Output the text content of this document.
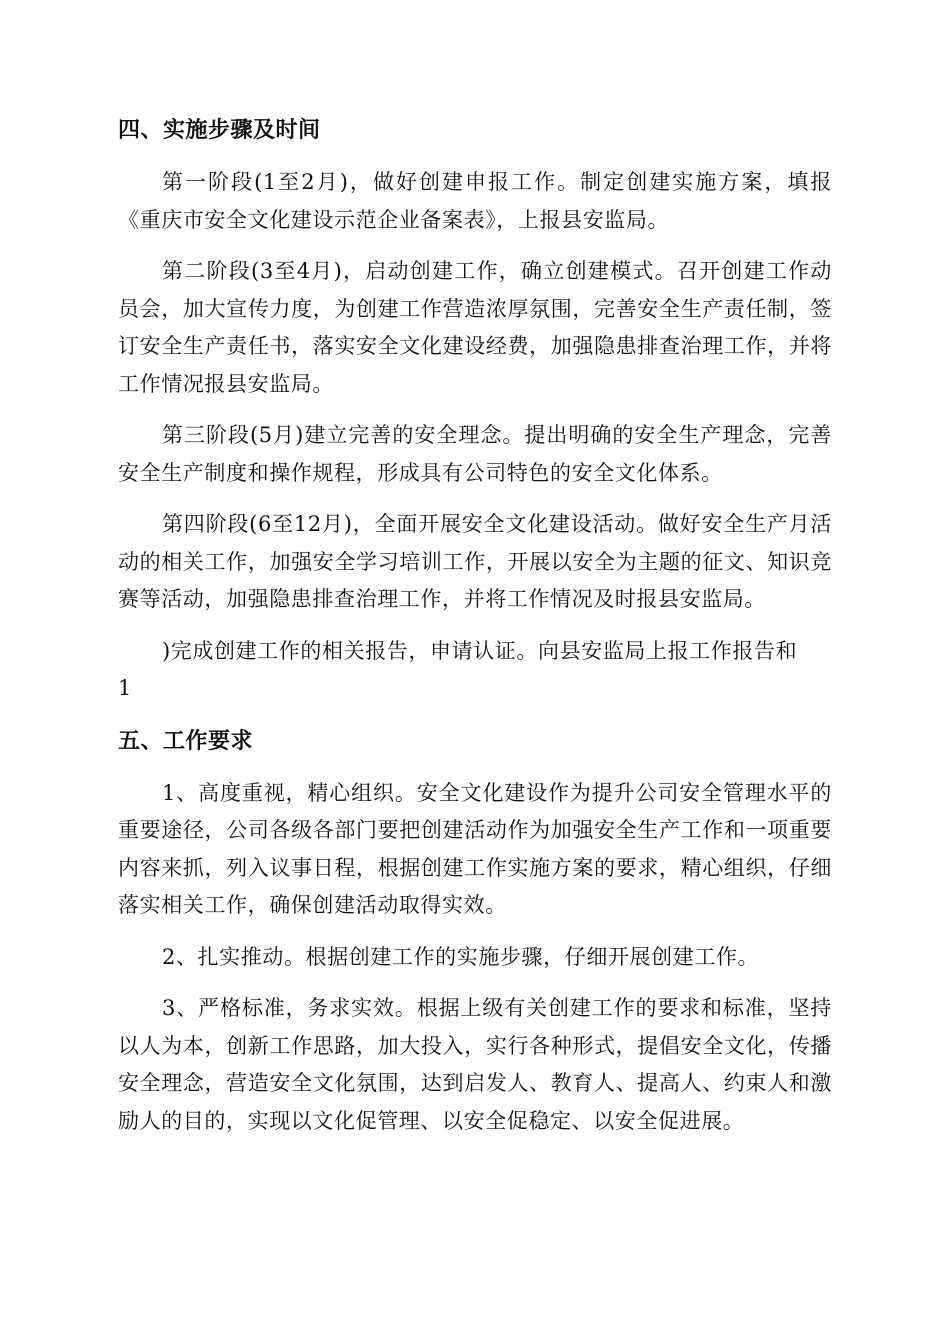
四、实施步骤及时间

第一阶段(1至2月)，做好创建申报工作。制定创建实施方案，填报《重庆市安全文化建设示范企业备案表》，上报县安监局。

第二阶段(3至4月)，启动创建工作，确立创建模式。召开创建工作动员会，加大宣传力度，为创建工作营造浓厚氛围，完善安全生产责任制，签订安全生产责任书，落实安全文化建设经费，加强隐患排查治理工作，并将工作情况报县安监局。

第三阶段(5月)建立完善的安全理念。提出明确的安全生产理念，完善安全生产制度和操作规程，形成具有公司特色的安全文化体系。

第四阶段(6至12月)，全面开展安全文化建设活动。做好安全生产月活动的相关工作，加强安全学习培训工作，开展以安全为主题的征文、知识竞赛等活动，加强隐患排查治理工作，并将工作情况及时报县安监局。

)完成创建工作的相关报告，申请认证。向县安监局上报工作报告和

1

五、工作要求

1、高度重视，精心组织。安全文化建设作为提升公司安全管理水平的重要途径，公司各级各部门要把创建活动作为加强安全生产工作和一项重要内容来抓，列入议事日程，根据创建工作实施方案的要求，精心组织，仔细落实相关工作，确保创建活动取得实效。

2、扎实推动。根据创建工作的实施步骤，仔细开展创建工作。

3、严格标准，务求实效。根据上级有关创建工作的要求和标准，坚持以人为本，创新工作思路，加大投入，实行各种形式，提倡安全文化，传播安全理念，营造安全文化氛围，达到启发人、教育人、提高人、约束人和激励人的目的，实现以文化促管理、以安全促稳定、以安全促进展。
